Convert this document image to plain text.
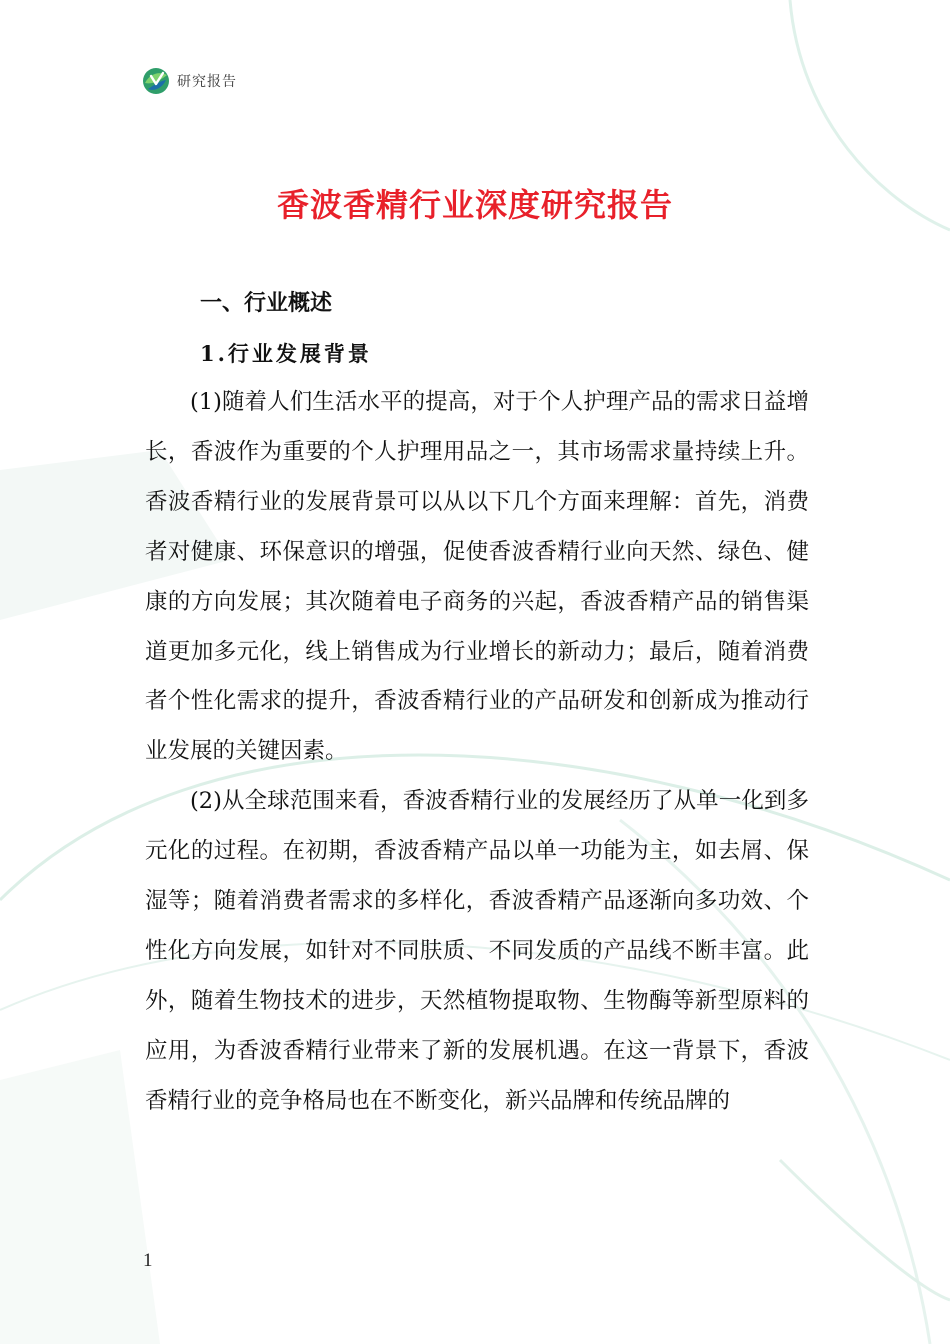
研究报告
香波香精行业深度研究报告
一、行业概述
1.行业发展背景

(1)随着人们生活水平的提高，对于个人护理产品的需求日益增长，香波作为重要的个人护理用品之一，其市场需求量持续上升。香波香精行业的发展背景可以从以下几个方面来理解：首先，消费者对健康、环保意识的增强，促使香波香精行业向天然、绿色、健康的方向发展；其次随着电子商务的兴起，香波香精产品的销售渠道更加多元化，线上销售成为行业增长的新动力；最后，随着消费者个性化需求的提升，香波香精行业的产品研发和创新成为推动行业发展的关键因素。

(2)从全球范围来看，香波香精行业的发展经历了从单一化到多元化的过程。在初期，香波香精产品以单一功能为主，如去屑、保湿等；随着消费者需求的多样化，香波香精产品逐渐向多功效、个性化方向发展，如针对不同肤质、不同发质的产品线不断丰富。此外，随着生物技术的进步，天然植物提取物、生物酶等新型原料的应用，为香波香精行业带来了新的发展机遇。在这一背景下，香波香精行业的竞争格局也在不断变化，新兴品牌和传统品牌的

1
